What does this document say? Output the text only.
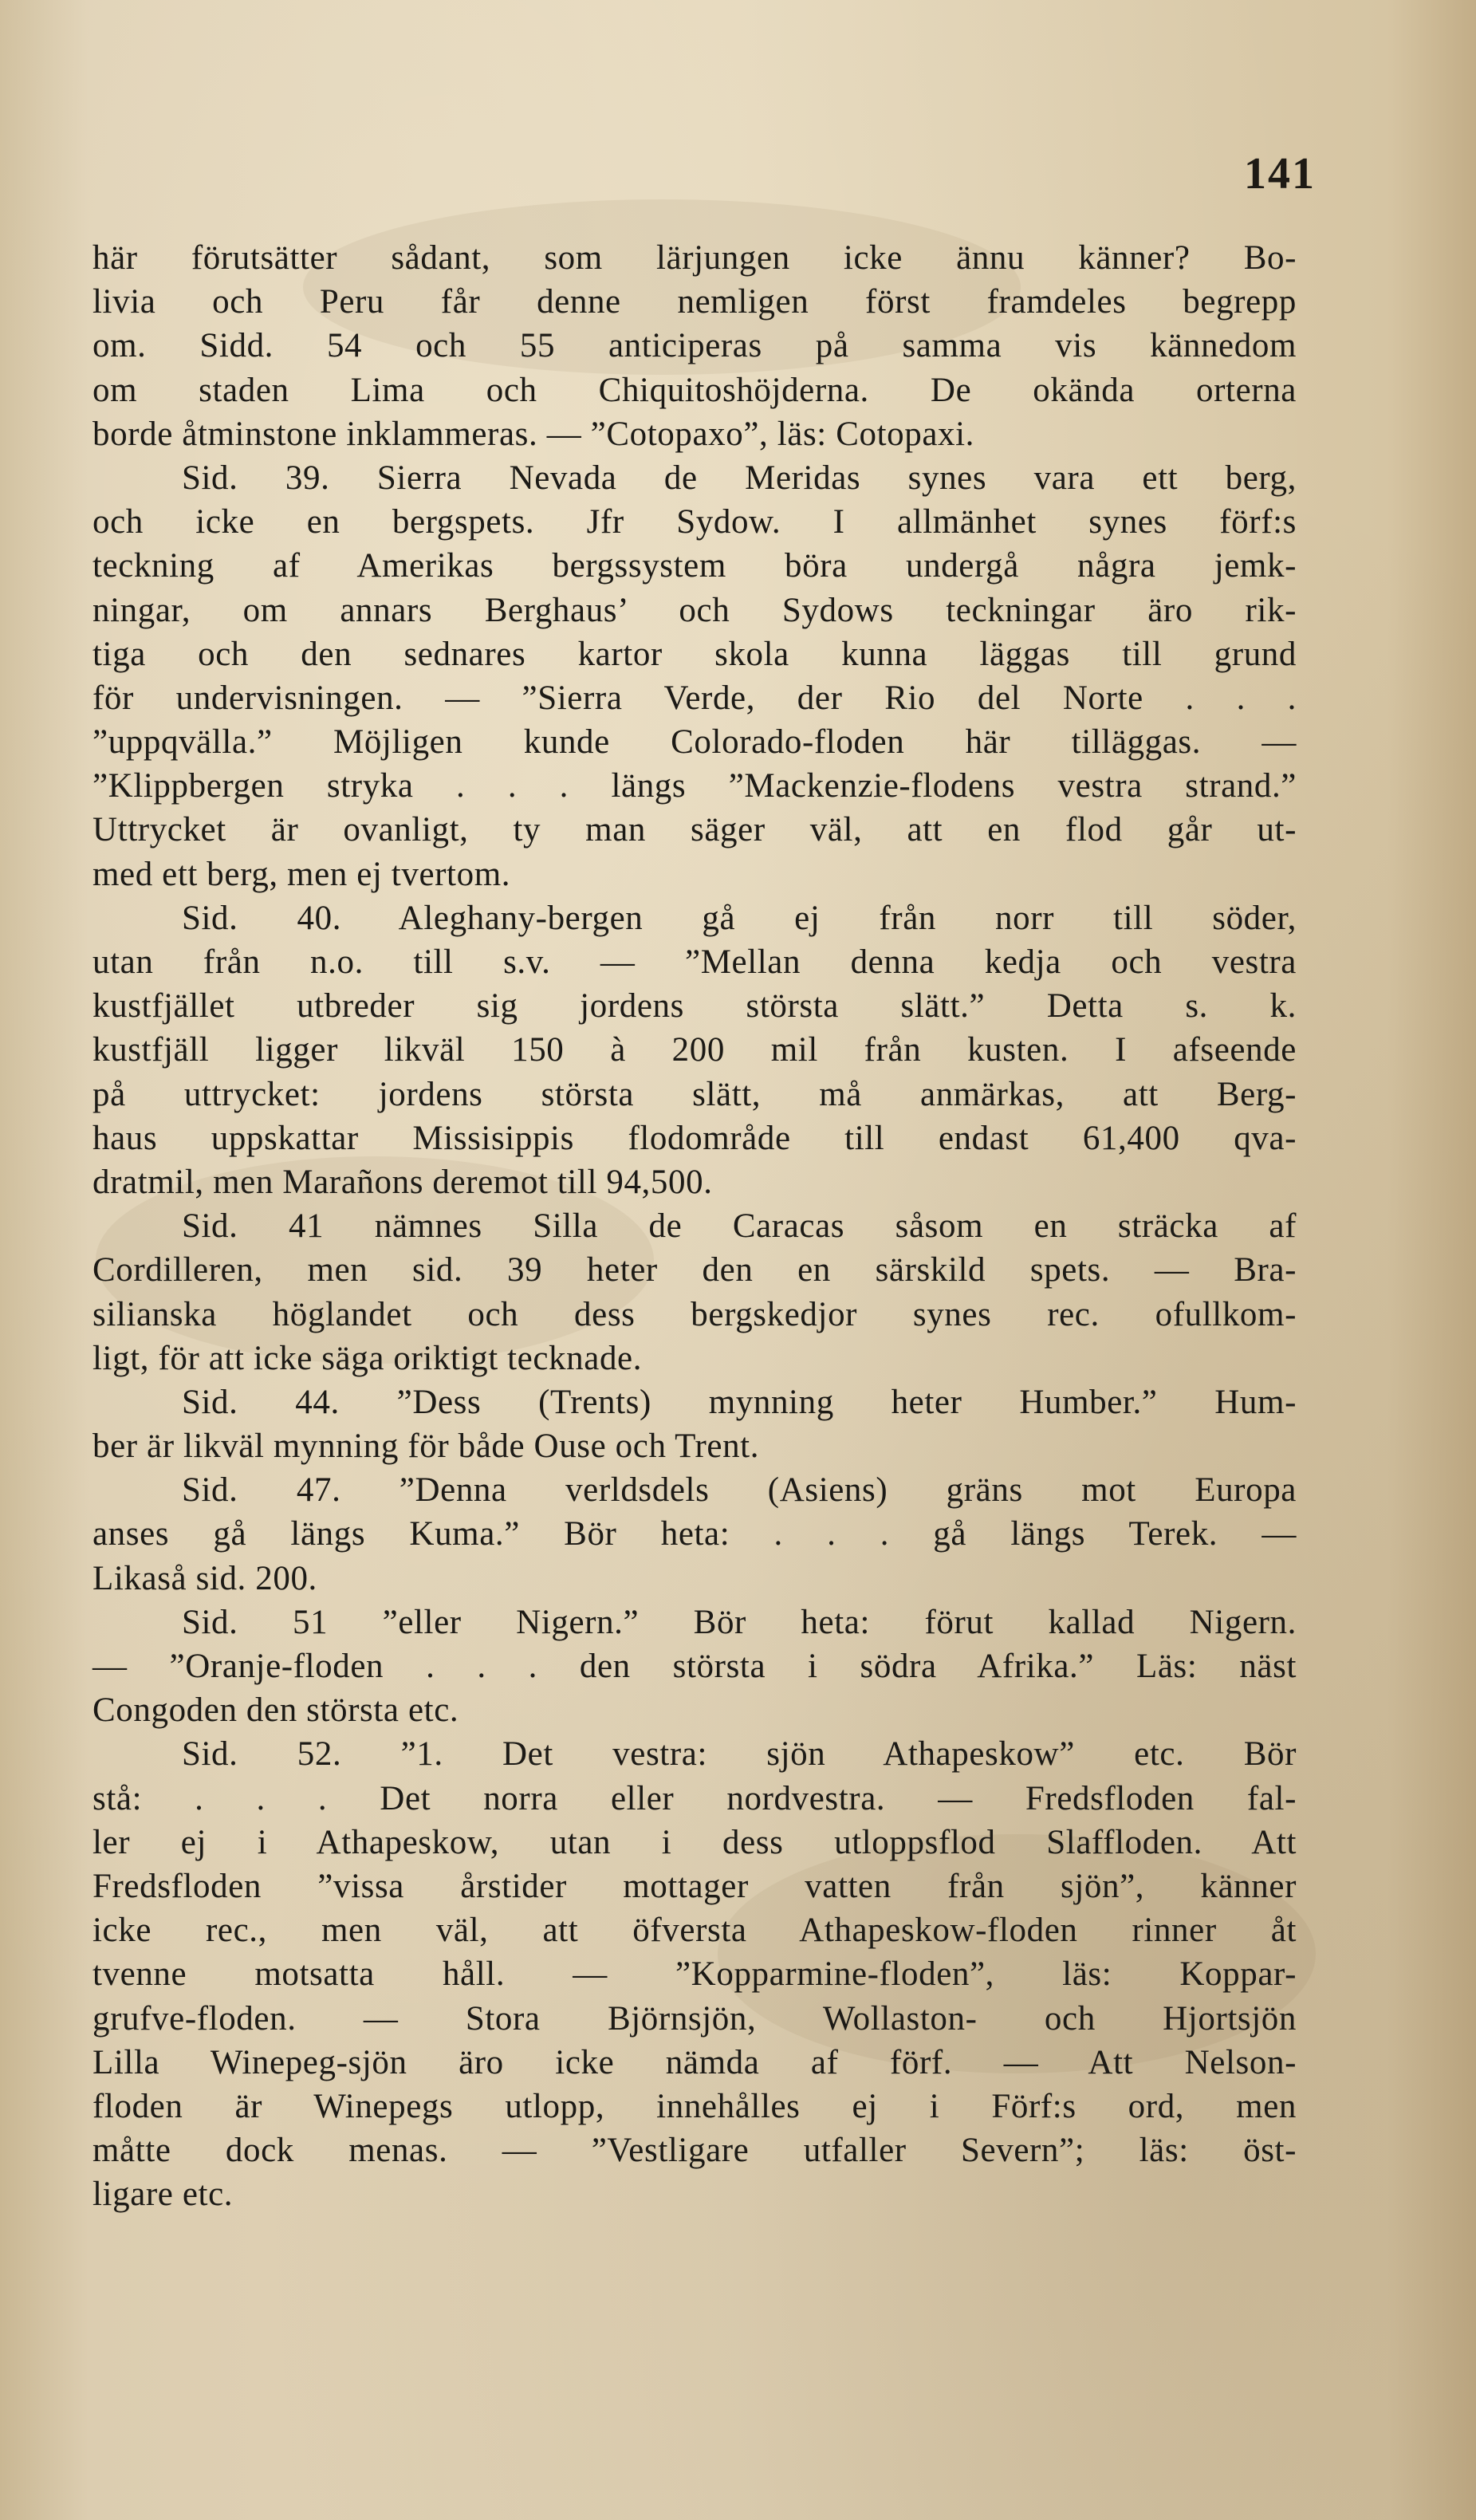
141
här förutsätter sådant, som lärjungen icke ännu känner? Bo-
livia och Peru får denne nemligen först framdeles begrepp
om. Sidd. 54 och 55 anticiperas på samma vis kännedom
om staden Lima och Chiquitoshöjderna. De okända orterna
borde åtminstone inklammeras. — ”Cotopaxo”, läs: Cotopaxi.
Sid. 39. Sierra Nevada de Meridas synes vara ett berg,
och icke en bergspets. Jfr Sydow. I allmänhet synes förf:s
teckning af Amerikas bergssystem böra undergå några jemk-
ningar, om annars Berghaus’ och Sydows teckningar äro rik-
tiga och den sednares kartor skola kunna läggas till grund
för undervisningen. — ”Sierra Verde, der Rio del Norte . . .
”uppqvälla.” Möjligen kunde Colorado-floden här tilläggas. —
”Klippbergen stryka . . . längs ”Mackenzie-flodens vestra strand.”
Uttrycket är ovanligt, ty man säger väl, att en flod går ut-
med ett berg, men ej tvertom.
Sid. 40. Aleghany-bergen gå ej från norr till söder,
utan från n.o. till s.v. — ”Mellan denna kedja och vestra
kustfjället utbreder sig jordens största slätt.” Detta s. k.
kustfjäll ligger likväl 150 à 200 mil från kusten. I afseende
på uttrycket: jordens största slätt, må anmärkas, att Berg-
haus uppskattar Missisippis flodområde till endast 61,400 qva-
dratmil, men Marañons deremot till 94,500.
Sid. 41 nämnes Silla de Caracas såsom en sträcka af
Cordilleren, men sid. 39 heter den en särskild spets. — Bra-
silianska höglandet och dess bergskedjor synes rec. ofullkom-
ligt, för att icke säga oriktigt tecknade.
Sid. 44. ”Dess (Trents) mynning heter Humber.” Hum-
ber är likväl mynning för både Ouse och Trent.
Sid. 47. ”Denna verldsdels (Asiens) gräns mot Europa
anses gå längs Kuma.” Bör heta: . . . gå längs Terek. —
Likaså sid. 200.
Sid. 51 ”eller Nigern.” Bör heta: förut kallad Nigern.
— ”Oranje-floden . . . den största i södra Afrika.” Läs: näst
Congoden den största etc.
Sid. 52. ”1. Det vestra: sjön Athapeskow” etc. Bör
stå: . . . Det norra eller nordvestra. — Fredsfloden fal-
ler ej i Athapeskow, utan i dess utloppsflod Slaffloden. Att
Fredsfloden ”vissa årstider mottager vatten från sjön”, känner
icke rec., men väl, att öfversta Athapeskow-floden rinner åt
tvenne motsatta håll. — ”Kopparmine-floden”, läs: Koppar-
grufve-floden. — Stora Björnsjön, Wollaston- och Hjortsjön
Lilla Winepeg-sjön äro icke nämda af förf. — Att Nelson-
floden är Winepegs utlopp, innehålles ej i Förf:s ord, men
måtte dock menas. — ”Vestligare utfaller Severn”; läs: öst-
ligare etc.
